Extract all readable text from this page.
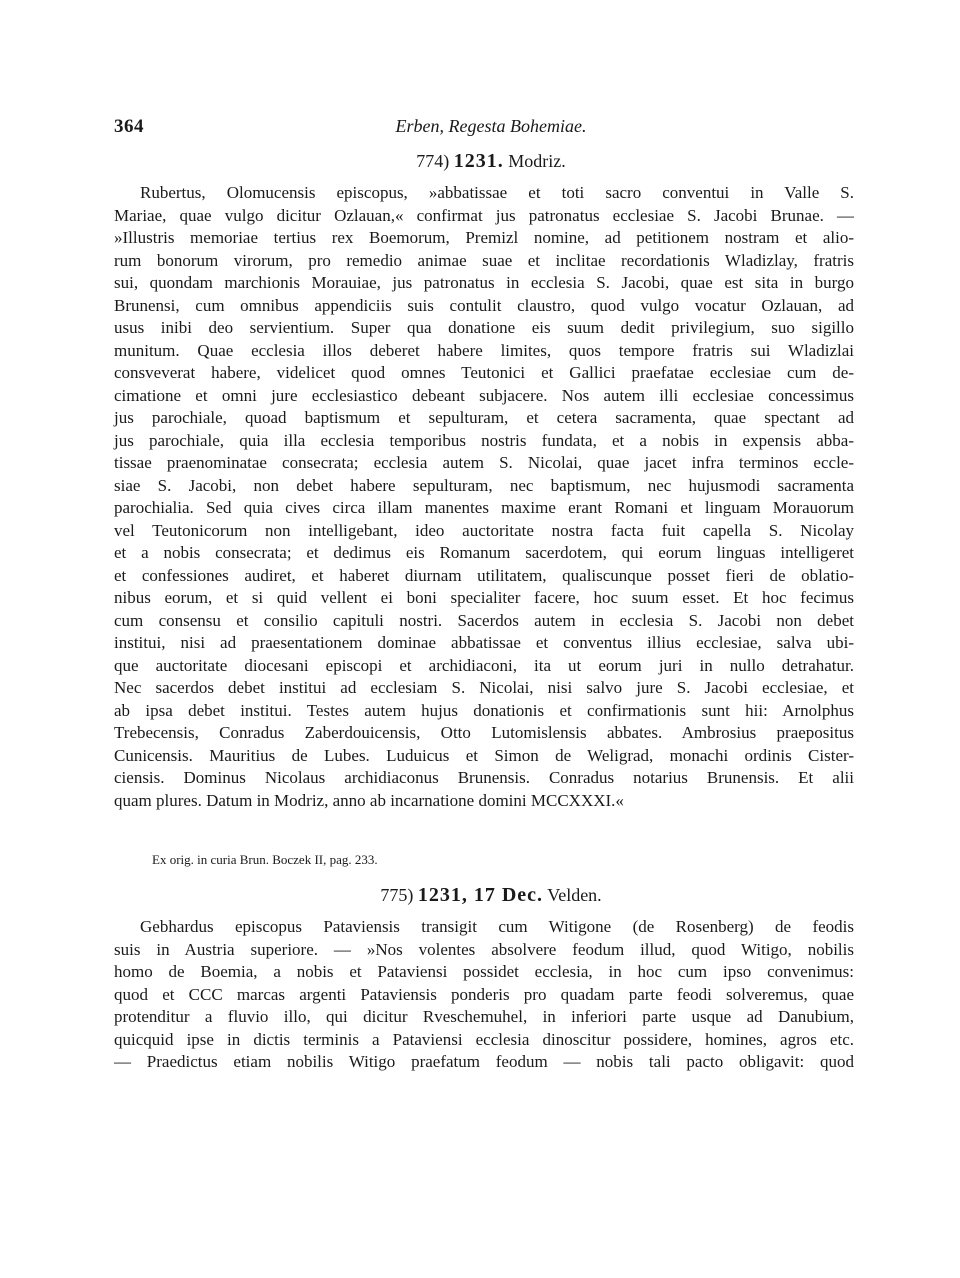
364	Erben, Regesta Bohemiae.
774) 1231. Modriz.
Rubertus, Olomucensis episcopus, »abbatissae et toti sacro conventui in Valle S.
Mariae, quae vulgo dicitur Ozlauan,« confirmat jus patronatus ecclesiae S. Jacobi Brunae. —
»Illustris memoriae tertius rex Boemorum, Premizl nomine, ad petitionem nostram et alio-
rum bonorum virorum, pro remedio animae suae et inclitae recordationis Wladizlay, fratris
sui, quondam marchionis Morauiae, jus patronatus in ecclesia S. Jacobi, quae est sita in burgo
Brunensi, cum omnibus appendiciis suis contulit claustro, quod vulgo vocatur Ozlauan, ad
usus inibi deo servientium. Super qua donatione eis suum dedit privilegium, suo sigillo
munitum. Quae ecclesia illos deberet habere limites, quos tempore fratris sui Wladizlai
consveverat habere, videlicet quod omnes Teutonici et Gallici praefatae ecclesiae cum de-
cimatione et omni jure ecclesiastico debeant subjacere. Nos autem illi ecclesiae concessimus
jus parochiale, quoad baptismum et sepulturam, et cetera sacramenta, quae spectant ad
jus parochiale, quia illa ecclesia temporibus nostris fundata, et a nobis in expensis abba-
tissae praenominatae consecrata; ecclesia autem S. Nicolai, quae jacet infra terminos eccle-
siae S. Jacobi, non debet habere sepulturam, nec baptismum, nec hujusmodi sacramenta
parochialia. Sed quia cives circa illam manentes maxime erant Romani et linguam Morauorum
vel Teutonicorum non intelligebant, ideo auctoritate nostra facta fuit capella S. Nicolay
et a nobis consecrata; et dedimus eis Romanum sacerdotem, qui eorum linguas intelligeret
et confessiones audiret, et haberet diurnam utilitatem, qualiscunque posset fieri de oblatio-
nibus eorum, et si quid vellent ei boni specialiter facere, hoc suum esset. Et hoc fecimus
cum consensu et consilio capituli nostri. Sacerdos autem in ecclesia S. Jacobi non debet
institui, nisi ad praesentationem dominae abbatissae et conventus illius ecclesiae, salva ubi-
que auctoritate diocesani episcopi et archidiaconi, ita ut eorum juri in nullo detrahatur.
Nec sacerdos debet institui ad ecclesiam S. Nicolai, nisi salvo jure S. Jacobi ecclesiae, et
ab ipsa debet institui. Testes autem hujus donationis et confirmationis sunt hii: Arnolphus
Trebecensis, Conradus Zaberdouicensis, Otto Lutomislensis abbates. Ambrosius praepositus
Cunicensis. Mauritius de Lubes. Luduicus et Simon de Weligrad, monachi ordinis Cister-
ciensis. Dominus Nicolaus archidiaconus Brunensis. Conradus notarius Brunensis. Et alii
quam plures. Datum in Modriz, anno ab incarnatione domini MCCXXXI.«
Ex orig. in curia Brun. Boczek II, pag. 233.
775) 1231, 17 Dec. Velden.
Gebhardus episcopus Pataviensis transigit cum Witigone (de Rosenberg) de feodis
suis in Austria superiore. — »Nos volentes absolvere feodum illud, quod Witigo, nobilis
homo de Boemia, a nobis et Pataviensi possidet ecclesia, in hoc cum ipso convenimus:
quod et CCC marcas argenti Pataviensis ponderis pro quadam parte feodi solveremus, quae
protenditur a fluvio illo, qui dicitur Rveschemuhel, in inferiori parte usque ad Danubium,
quicquid ipse in dictis terminis a Pataviensi ecclesia dinoscitur possidere, homines, agros etc.
— Praedictus etiam nobilis Witigo praefatum feodum — nobis tali pacto obligavit: quod
